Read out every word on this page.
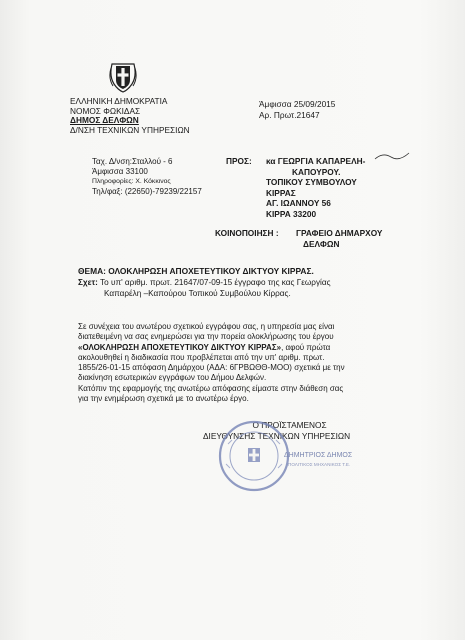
ΕΛΛΗΝΙΚΗ ΔΗΜΟΚΡΑΤΙΑ
ΝΟΜΟΣ ΦΩΚΙΔΑΣ
ΔΗΜΟΣ ΔΕΛΦΩΝ
Δ/ΝΣΗ ΤΕΧΝΙΚΩΝ ΥΠΗΡΕΣΙΩΝ
Άμφισσα 25/09/2015
Αρ. Πρωτ.21647
Ταχ. Δ/νση:Σταλλού - 6
Άμφισσα 33100
Πληροφορίες: Χ. Κόκκινος
Τηλ/φαξ: (22650)-79239/22157
ΠΡΟΣ: κα ΓΕΩΡΓΙΑ ΚΑΠΑΡΕΛΗ-
ΚΑΠΟΥΡΟΥ.
ΤΟΠΙΚΟΥ ΣΥΜΒΟΥΛΟΥ
ΚΙΡΡΑΣ
ΑΓ. ΙΩΑΝΝΟΥ 56
ΚΙΡΡΑ 33200
ΚΟΙΝΟΠΟΙΗΣΗ : ΓΡΑΦΕΙΟ ΔΗΜΑΡΧΟΥ
ΔΕΛΦΩΝ
ΘΕΜΑ: ΟΛΟΚΛΗΡΩΣΗ ΑΠΟΧΕΤΕΥΤΙΚΟΥ ΔΙΚΤΥΟΥ ΚΙΡΡΑΣ.
Σχετ: Το υπ' αριθμ. πρωτ. 21647/07-09-15 έγγραφο της κας Γεωργίας
Καπαρέλη –Καπούρου Τοπικού Συμβούλου Κίρρας.
Σε συνέχεια του ανωτέρου σχετικού εγγράφου σας, η υπηρεσία μας είναι
διατεθειμένη να σας ενημερώσει για την πορεία ολοκλήρωσης του έργου
«ΟΛΟΚΛΗΡΩΣΗ ΑΠΟΧΕΤΕΥΤΙΚΟΥ ΔΙΚΤΥΟΥ ΚΙΡΡΑΣ», αφού πρώτα
ακολουθηθεί η διαδικασία που προβλέπεται από την υπ' αριθμ. πρωτ.
1855/26-01-15 απόφαση Δημάρχου (ΑΔΑ: 6ΓΡΒΩΘΘ-ΜΟΟ) σχετικά με την
διακίνηση εσωτερικών εγγράφων του Δήμου Δελφών.
Κατόπιν της εφαρμογής της ανωτέρω απόφασης είμαστε στην διάθεση σας
για την ενημέρωση σχετικά με το ανωτέρω έργο.
Ο ΠΡΟΪΣΤΑΜΕΝΟΣ
ΔΙΕΥΘΥΝΣΗΣ ΤΕΧΝΙΚΩΝ ΥΠΗΡΕΣΙΩΝ
ΔΗΜΗΤΡΙΟΣ ΔΗΜΟΣ
ΠΟΛΙΤΙΚΟΣ ΜΗΧΑΝΙΚΟΣ Τ.Ε.
